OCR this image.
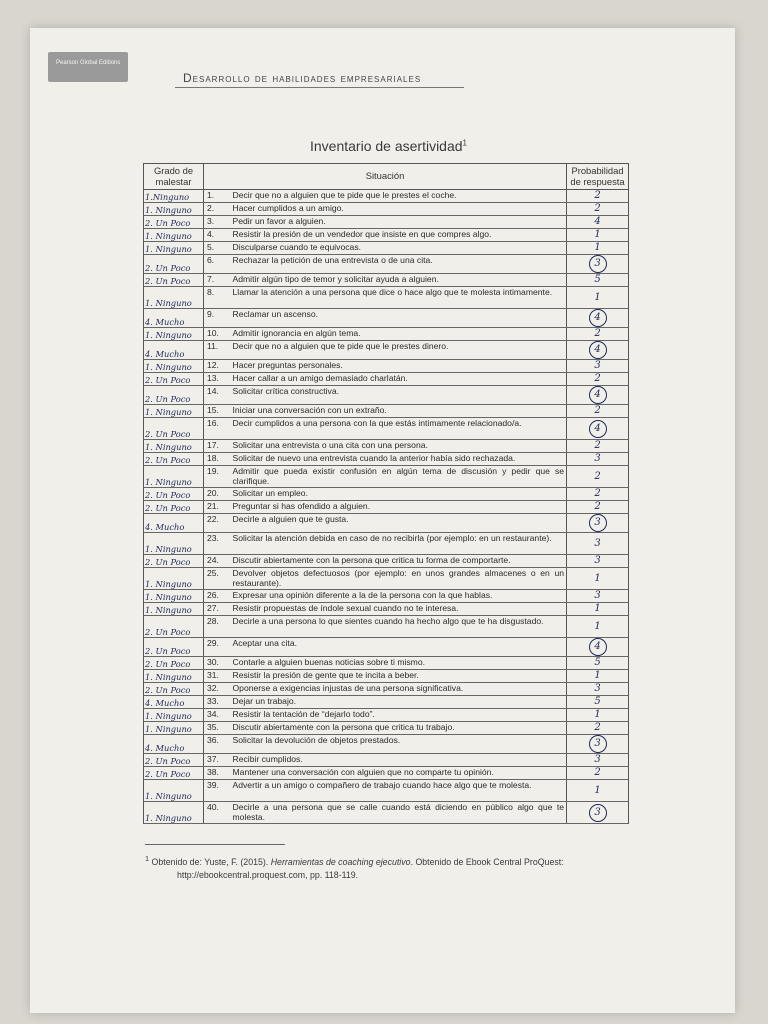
Pearson Global Editions
Desarrollo de habilidades empresariales
Inventario de asertividad$^1$
Grado de malestar	Situación		Probabilidad de respuesta
1.Ninguno	1.	Decir que no a alguien que te pide que le prestes el coche.	2
1. Ninguno	2.	Hacer cumplidos a un amigo.	2
2. Un Poco	3.	Pedir un favor a alguien.	4
1. Ninguno	4.	Resistir la presión de un vendedor que insiste en que compres algo.	1
1. Ninguno	5.	Disculparse cuando te equivocas.	1
2. Un Poco	6.	Rechazar la petición de una entrevista o de una cita.	3
2. Un Poco	7.	Admitir algún tipo de temor y solicitar ayuda a alguien.	5
1. Ninguno	8.	Llamar la atención a una persona que dice o hace algo que te molesta intimamente.	1
4. Mucho	9.	Reclamar un ascenso.	4
1. Ninguno	10.	Admitir ignorancia en algún tema.	2
4. Mucho	11.	Decir que no a alguien que te pide que le prestes dinero.	4
1. Ninguno	12.	Hacer preguntas personales.	3
2. Un Poco	13.	Hacer callar a un amigo demasiado charlatán.	2
2. Un Poco	14.	Solicitar crítica constructiva.	4
1. Ninguno	15.	Iniciar una conversación con un extraño.	2
2. Un Poco	16.	Decir cumplidos a una persona con la que estás intimamente relacionado/a.	4
1. Ninguno	17.	Solicitar una entrevista o una cita con una persona.	2
2. Un Poco	18.	Solicitar de nuevo una entrevista cuando la anterior había sido rechazada.	3
1. Ninguno	19.	Admitir que pueda existir confusión en algún tema de discusión y pedir que se clarifique.	2
2. Un Poco	20.	Solicitar un empleo.	2
2. Un Poco	21.	Preguntar si has ofendido a alguien.	2
4. Mucho	22.	Decirle a alguien que te gusta.	3
1. Ninguno	23.	Solicitar la atención debida en caso de no recibirla (por ejemplo: en un restaurante).	3
2. Un Poco	24.	Discutir abiertamente con la persona que critica tu forma de comportarte.	3
1. Ninguno	25.	Devolver objetos defectuosos (por ejemplo: en unos grandes almacenes o en un restaurante).	1
1. Ninguno	26.	Expresar una opinión diferente a la de la persona con la que hablas.	3
1. Ninguno	27.	Resistir propuestas de índole sexual cuando no te interesa.	1
2. Un Poco	28.	Decirle a una persona lo que sientes cuando ha hecho algo que te ha disgustado.	1
2. Un Poco	29.	Aceptar una cita.	4
2. Un Poco	30.	Contarle a alguien buenas noticias sobre ti mismo.	5
1. Ninguno	31.	Resistir la presión de gente que te incita a beber.	1
2. Un Poco	32.	Oponerse a exigencias injustas de una persona significativa.	3
4. Mucho	33.	Dejar un trabajo.	5
1. Ninguno	34.	Resistir la tentación de “dejarlo todo”.	1
1. Ninguno	35.	Discutir abiertamente con la persona que critica tu trabajo.	2
4. Mucho	36.	Solicitar la devolución de objetos prestados.	3
2. Un Poco	37.	Recibir cumplidos.	3
2. Un Poco	38.	Mantener una conversación con alguien que no comparte tu opinión.	2
1. Ninguno	39.	Advertir a un amigo o compañero de trabajo cuando hace algo que te molesta.	1
1. Ninguno	40.	Decirle a una persona que se calle cuando está diciendo en público algo que te molesta.	3
$^1$ Obtenido de: Yuste, F. (2015). Herramientas de coaching ejecutivo. Obtenido de Ebook Central ProQuest:
http://ebookcentral.proquest.com, pp. 118-119.
